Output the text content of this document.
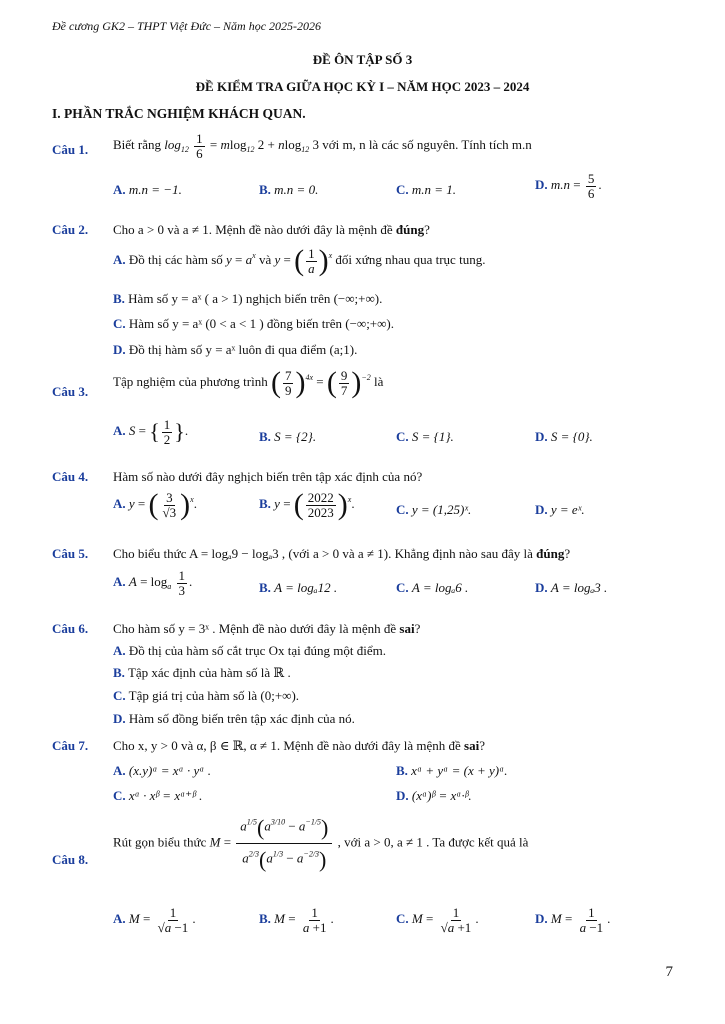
Đề cương GK2 – THPT Việt Đức – Năm học 2025-2026
ĐỀ ÔN TẬP SỐ 3
ĐỀ KIỂM TRA GIỮA HỌC KỲ I – NĂM HỌC 2023 – 2024
I. PHẦN TRẮC NGHIỆM KHÁCH QUAN.
Câu 1. Biết rằng $\log_{12} \frac{1}{6} = mlog_{12}$ 2 + nlog$_{12}$ 3 với m, n là các số nguyên. Tính tích m.n
A. m.n = −1.	B. m.n = 0.	C. m.n = 1.	D. $m.n = \frac{5}{6}$ .
Câu 2. Cho a > 0 và a ≠ 1. Mệnh đề nào dưới đây là mệnh đề đúng?
A. Đồ thị các hàm số $y = a^x$ và y = ( $\frac{1}{a} )^x$ đối xứng nhau qua trục tung.
B. Hàm số y = aˣ ( a > 1) nghịch biến trên (−∞;+∞).
C. Hàm số y = aˣ (0 < a < 1 ) đồng biến trên (−∞;+∞).
D. Đồ thị hàm số y = aˣ luôn đi qua điểm (a;1).
Câu 3.
Tập nghiệm của phương trình ( $\frac{7}{9} )^{4x}$ = ( $\frac{9}{7} )^{-2}$ là
A. S = { $\frac{1}{2}$ }.	B. S = {2}.	C. S = {1}.	D. S = {0}.
Câu 4. Hàm số nào dưới đây nghịch biến trên tập xác định của nó?
A. y = ( $\frac{3}{√3} )^x$.	B. y = ( $\frac{2022}{2023} )^x$.	C. y = (1,25)ˣ.	D. y = eˣ.
Câu 5. Cho biểu thức A = logₐ9 − logₐ3 , (với a > 0 và a ≠ 1). Khẳng định nào sau đây là đúng?
A. $A = \log_a \frac{1}{3}$ .	B. A = logₐ12 .	C. A = logₐ6 .	D. A = logₐ3 .
Câu 6. Cho hàm số y = 3ˣ . Mệnh đề nào dưới đây là mệnh đề sai?
A. Đồ thị của hàm số cắt trục Ox tại đúng một điểm.
B. Tập xác định của hàm số là ℝ .
C. Tập giá trị của hàm số là (0;+∞).
D. Hàm số đồng biến trên tập xác định của nó.
Câu 7. Cho x, y > 0 và α, β ∈ ℝ, α ≠ 1. Mệnh đề nào dưới đây là mệnh đề sai?
A. (x.y)ᵅ = xᵅ · yᵅ .	B. xᵅ + yᵅ = (x + y)ᵅ.
C. xᵅ · xᵝ = xᵅ⁺ᵝ .	D. (xᵅ)ᵝ = xᵅ·ᵝ.
Câu 8.
Rút gọn biểu thức $M = \frac{a^{1/5}(a^{3/10} - a^{-1/5})}{a^{2/3}(a^{1/3} - a^{-2/3})}$ , với a > 0, a ≠ 1 . Ta được kết quả là
A. $M = \frac{1}{√a -1}$ .	B. $M = \frac{1}{a +1}$ .	C. $M = \frac{1}{√a +1}$ .	D. $M = \frac{1}{a -1}$ .
7
